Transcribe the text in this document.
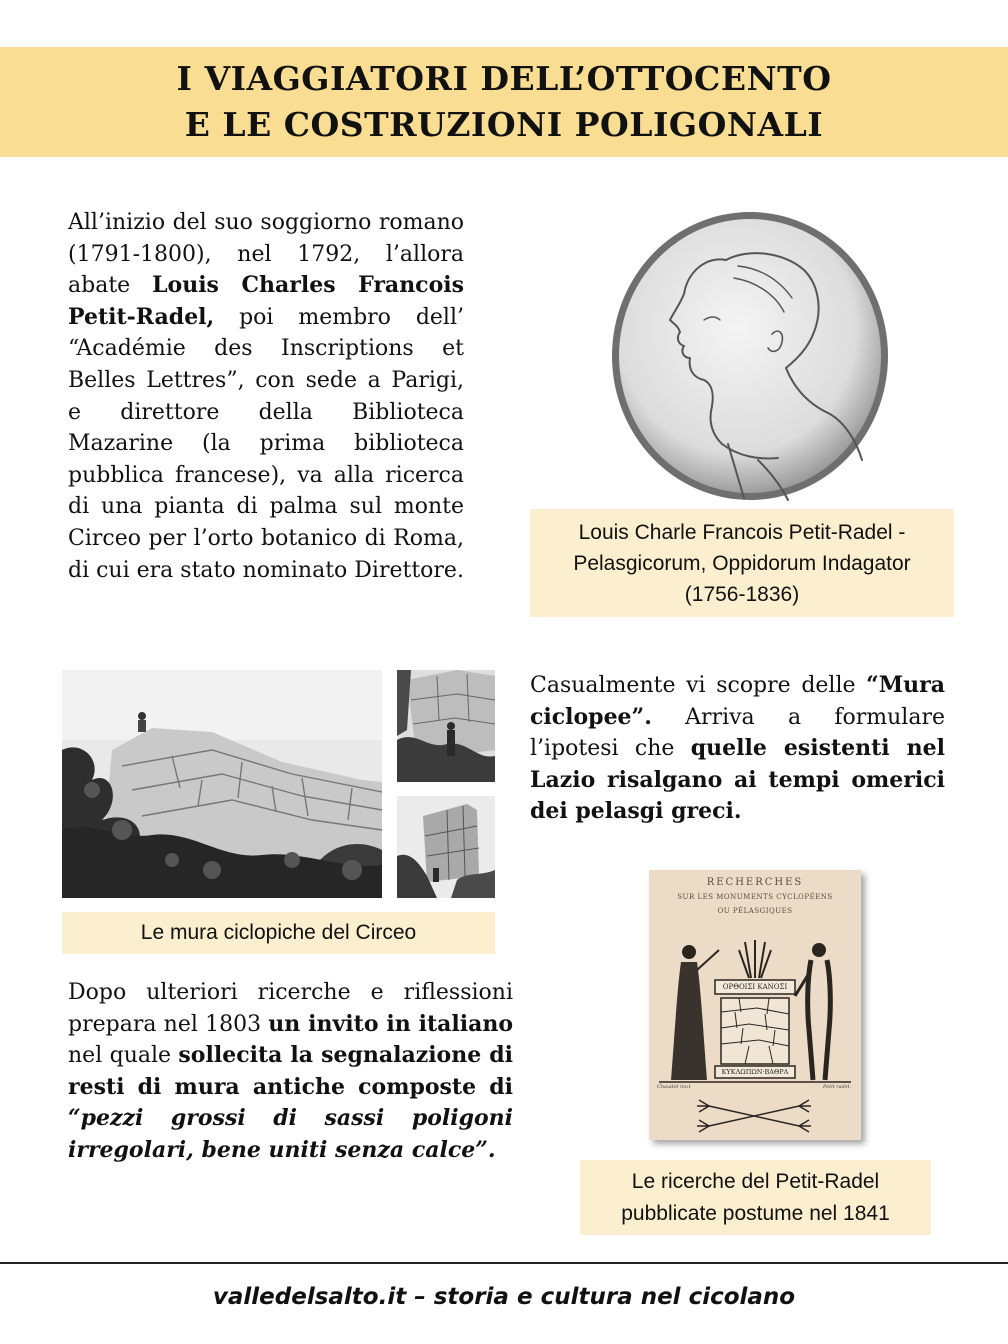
I VIAGGIATORI DELL’OTTOCENTO
E LE COSTRUZIONI POLIGONALI
All’inizio del suo soggiorno romano (1791-1800), nel 1792, l’allora abate Louis Charles Francois Petit-Radel, poi membro dell’ “Académie des Inscriptions et Belles Lettres”, con sede a Parigi, e direttore della Biblioteca Mazarine (la prima biblioteca pubblica francese), va alla ricerca di una pianta di palma sul monte Circeo per l’orto botanico di Roma, di cui era stato nominato Direttore.
Louis Charle Francois Petit-Radel -
Pelasgicorum, Oppidorum Indagator
(1756-1836)
Le mura ciclopiche del Circeo
Casualmente vi scopre delle “Mura ciclopee”. Arriva a formulare l’ipotesi che quelle esistenti nel Lazio risalgano ai tempi omerici dei pelasgi greci.
RECHERCHES
SUR LES MONUMENTS CYCLOPÉENS
OU PÉLASGIQUES
ΟΡΘΟΙΣΙ ΚΑΝΟΣΙ
ΚΥΚΛΩΠΩΝ·ΒΑΘΡΑ
Chaudet inv.t	Petit radel.
Le ricerche del Petit-Radel
pubblicate postume nel 1841
Dopo ulteriori ricerche e riflessioni prepara nel 1803 un invito in italiano nel quale sollecita la segnalazione di resti di mura antiche composte di “pezzi grossi di sassi poligoni irregolari, bene uniti senza calce”.
valledelsalto.it – storia e cultura nel cicolano
